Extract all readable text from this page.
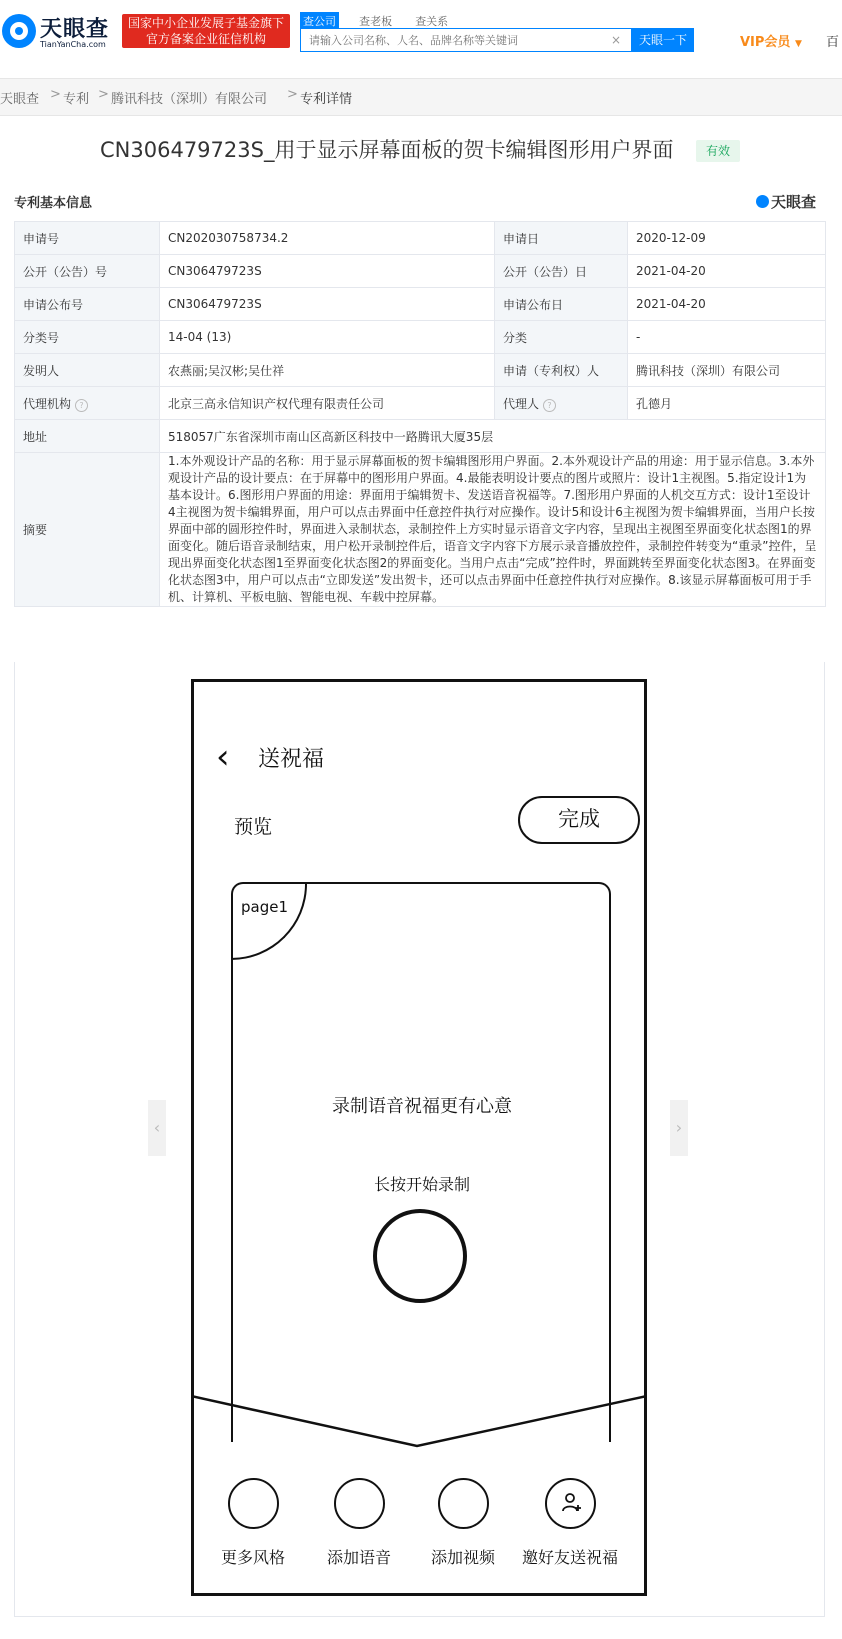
天眼查
TianYanCha.com
国家中小企业发展子基金旗下
官方备案企业征信机构
查公司 查老板 查关系
请输入公司名称、人名、品牌名称等关键词
×	天眼一下	VIP会员 ▼ 百
天眼查 > 专利 > 腾讯科技（深圳）有限公司 > 专利详情
CN306479723S_用于显示屏幕面板的贺卡编辑图形用户界面	有效
专利基本信息	天眼查
申请号	CN202030758734.2	申请日	2020-12-09
公开（公告）号	CN306479723S	公开（公告）日	2021-04-20
申请公布号	CN306479723S	申请公布日	2021-04-20
分类号	14-04 (13)	分类	-
发明人	农燕丽;吴汉彬;吴仕祥	申请（专利权）人	腾讯科技（深圳）有限公司
代理机构 ?	北京三高永信知识产权代理有限责任公司	代理人 ?	孔德月
地址	518057广东省深圳市南山区高新区科技中一路腾讯大厦35层		
摘要	1.本外观设计产品的名称：用于显示屏幕面板的贺卡编辑图形用户界面。2.本外观设计产品的用途：用于显示信息。3.本外观设计产品的设计要点：在于屏幕中的图形用户界面。4.最能表明设计要点的图片或照片：设计1主视图。5.指定设计1为基本设计。6.图形用户界面的用途：界面用于编辑贺卡、发送语音祝福等。7.图形用户界面的人机交互方式：设计1至设计4主视图为贺卡编辑界面，用户可以点击界面中任意控件执行对应操作。设计5和设计6主视图为贺卡编辑界面，当用户长按界面中部的圆形控件时，界面进入录制状态，录制控件上方实时显示语音文字内容，呈现出主视图至界面变化状态图1的界面变化。随后语音录制结束，用户松开录制控件后，语音文字内容下方展示录音播放控件，录制控件转变为“重录”控件，呈现出界面变化状态图1至界面变化状态图2的界面变化。当用户点击“完成”控件时，界面跳转至界面变化状态图3。在界面变化状态图3中，用户可以点击“立即发送”发出贺卡，还可以点击界面中任意控件执行对应操作。8.该显示屏幕面板可用于手机、计算机、平板电脑、智能电视、车载中控屏幕。		
‹	›
‹ 送祝福
预览	完成
page1
录制语音祝福更有心意
长按开始录制
更多风格	添加语音	添加视频	邀好友送祝福
